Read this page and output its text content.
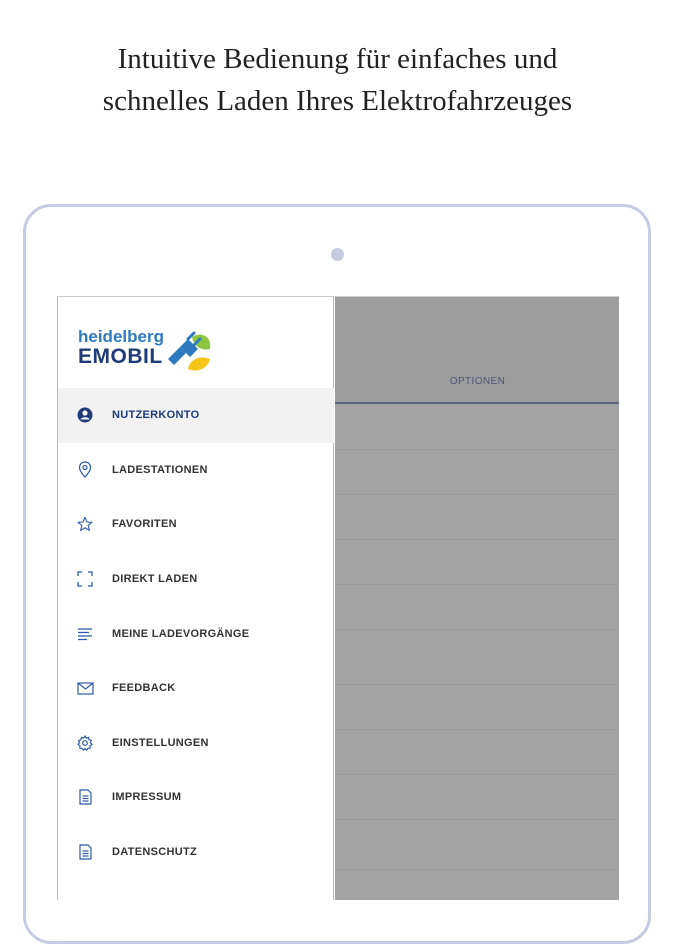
Intuitive Bedienung für einfaches und
schnelles Laden Ihres Elektrofahrzeuges
OPTIONEN
heidelberg
EMOBIL
NUTZERKONTO
LADESTATIONEN
FAVORITEN
DIREKT LADEN
MEINE LADEVORGÄNGE
FEEDBACK
EINSTELLUNGEN
IMPRESSUM
DATENSCHUTZ
